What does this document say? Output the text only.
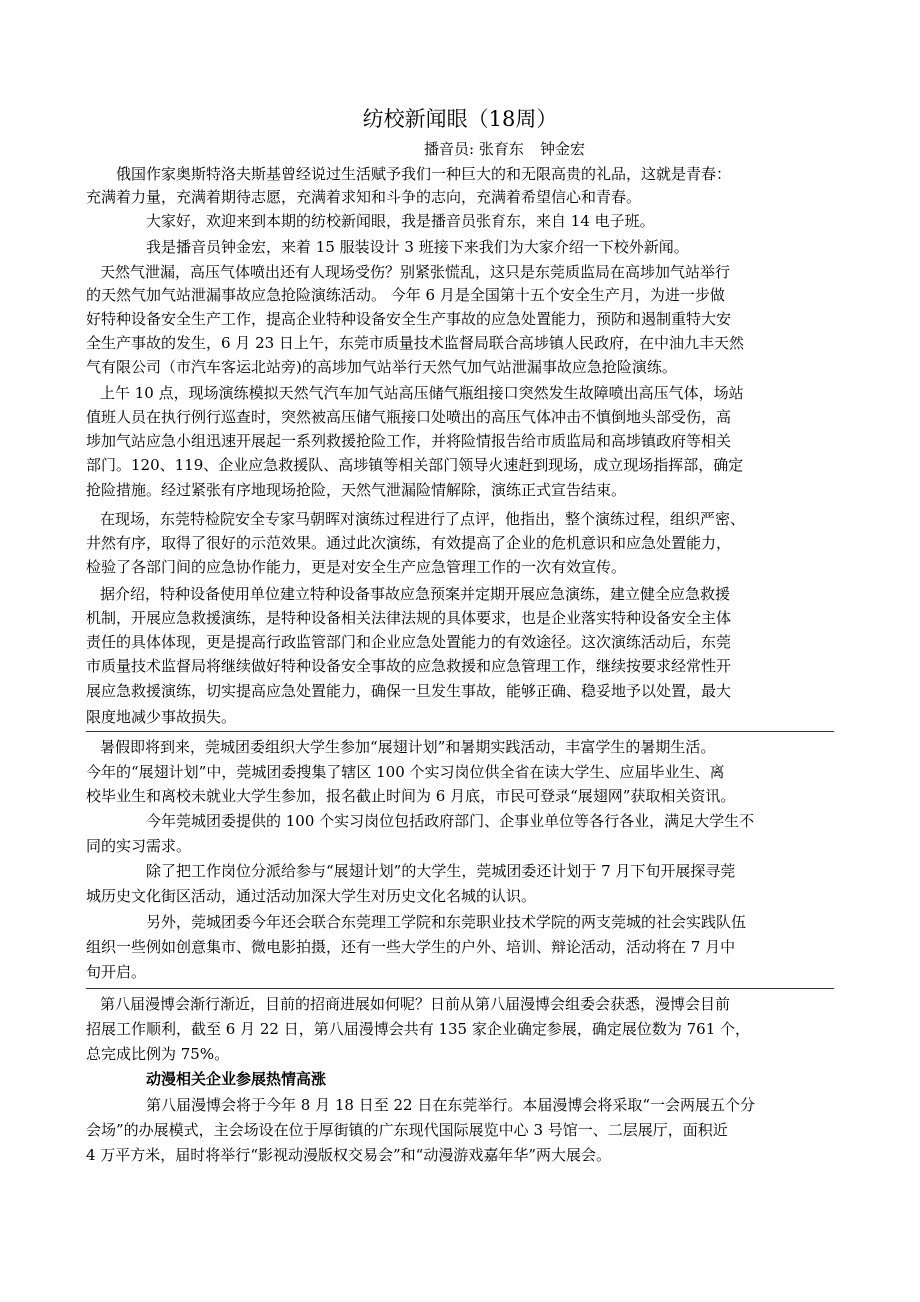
纺校新闻眼（18周）
播音员: 张育东 钟金宏
俄国作家奥斯特洛夫斯基曾经说过生活赋予我们一种巨大的和无限高贵的礼品，这就是青春：
充满着力量，充满着期待志愿，充满着求知和斗争的志向，充满着希望信心和青春。
大家好，欢迎来到本期的纺校新闻眼，我是播音员张育东，来自 14 电子班。
我是播音员钟金宏，来着 15 服装设计 3 班接下来我们为大家介绍一下校外新闻。
天然气泄漏，高压气体喷出还有人现场受伤？别紧张慌乱，这只是东莞质监局在高埗加气站举行
的天然气加气站泄漏事故应急抢险演练活动。 今年 6 月是全国第十五个安全生产月，为进一步做
好特种设备安全生产工作，提高企业特种设备安全生产事故的应急处置能力，预防和遏制重特大安
全生产事故的发生，6 月 23 日上午，东莞市质量技术监督局联合高埗镇人民政府，在中油九丰天然
气有限公司（市汽车客运北站旁)的高埗加气站举行天然气加气站泄漏事故应急抢险演练。
上午 10 点，现场演练模拟天然气汽车加气站高压储气瓶组接口突然发生故障喷出高压气体，场站
值班人员在执行例行巡查时，突然被高压储气瓶接口处喷出的高压气体冲击不慎倒地头部受伤，高
埗加气站应急小组迅速开展起一系列救援抢险工作，并将险情报告给市质监局和高埗镇政府等相关
部门。120、119、企业应急救援队、高埗镇等相关部门领导火速赶到现场，成立现场指挥部，确定
抢险措施。经过紧张有序地现场抢险，天然气泄漏险情解除，演练正式宣告结束。
在现场，东莞特检院安全专家马朝晖对演练过程进行了点评，他指出，整个演练过程，组织严密、
井然有序，取得了很好的示范效果。通过此次演练，有效提高了企业的危机意识和应急处置能力，
检验了各部门间的应急协作能力，更是对安全生产应急管理工作的一次有效宣传。
据介绍，特种设备使用单位建立特种设备事故应急预案并定期开展应急演练，建立健全应急救援
机制，开展应急救援演练，是特种设备相关法律法规的具体要求，也是企业落实特种设备安全主体
责任的具体体现，更是提高行政监管部门和企业应急处置能力的有效途径。这次演练活动后，东莞
市质量技术监督局将继续做好特种设备安全事故的应急救援和应急管理工作，继续按要求经常性开
展应急救援演练，切实提高应急处置能力，确保一旦发生事故，能够正确、稳妥地予以处置，最大
限度地减少事故损失。
暑假即将到来，莞城团委组织大学生参加“展翅计划”和暑期实践活动，丰富学生的暑期生活。
今年的“展翅计划”中，莞城团委搜集了辖区 100 个实习岗位供全省在读大学生、应届毕业生、离
校毕业生和离校未就业大学生参加，报名截止时间为 6 月底，市民可登录“展翅网”获取相关资讯。
今年莞城团委提供的 100 个实习岗位包括政府部门、企事业单位等各行各业，满足大学生不
同的实习需求。
除了把工作岗位分派给参与“展翅计划”的大学生，莞城团委还计划于 7 月下旬开展探寻莞
城历史文化街区活动，通过活动加深大学生对历史文化名城的认识。
另外，莞城团委今年还会联合东莞理工学院和东莞职业技术学院的两支莞城的社会实践队伍
组织一些例如创意集市、微电影拍摄，还有一些大学生的户外、培训、辩论活动，活动将在 7 月中
旬开启。
第八届漫博会渐行渐近，目前的招商进展如何呢？日前从第八届漫博会组委会获悉，漫博会目前
招展工作顺利，截至 6 月 22 日，第八届漫博会共有 135 家企业确定参展，确定展位数为 761 个，
总完成比例为 75%。
动漫相关企业参展热情高涨
第八届漫博会将于今年 8 月 18 日至 22 日在东莞举行。本届漫博会将采取“一会两展五个分
会场”的办展模式，主会场设在位于厚街镇的广东现代国际展览中心 3 号馆一、二层展厅，面积近
4 万平方米，届时将举行“影视动漫版权交易会”和“动漫游戏嘉年华”两大展会。
